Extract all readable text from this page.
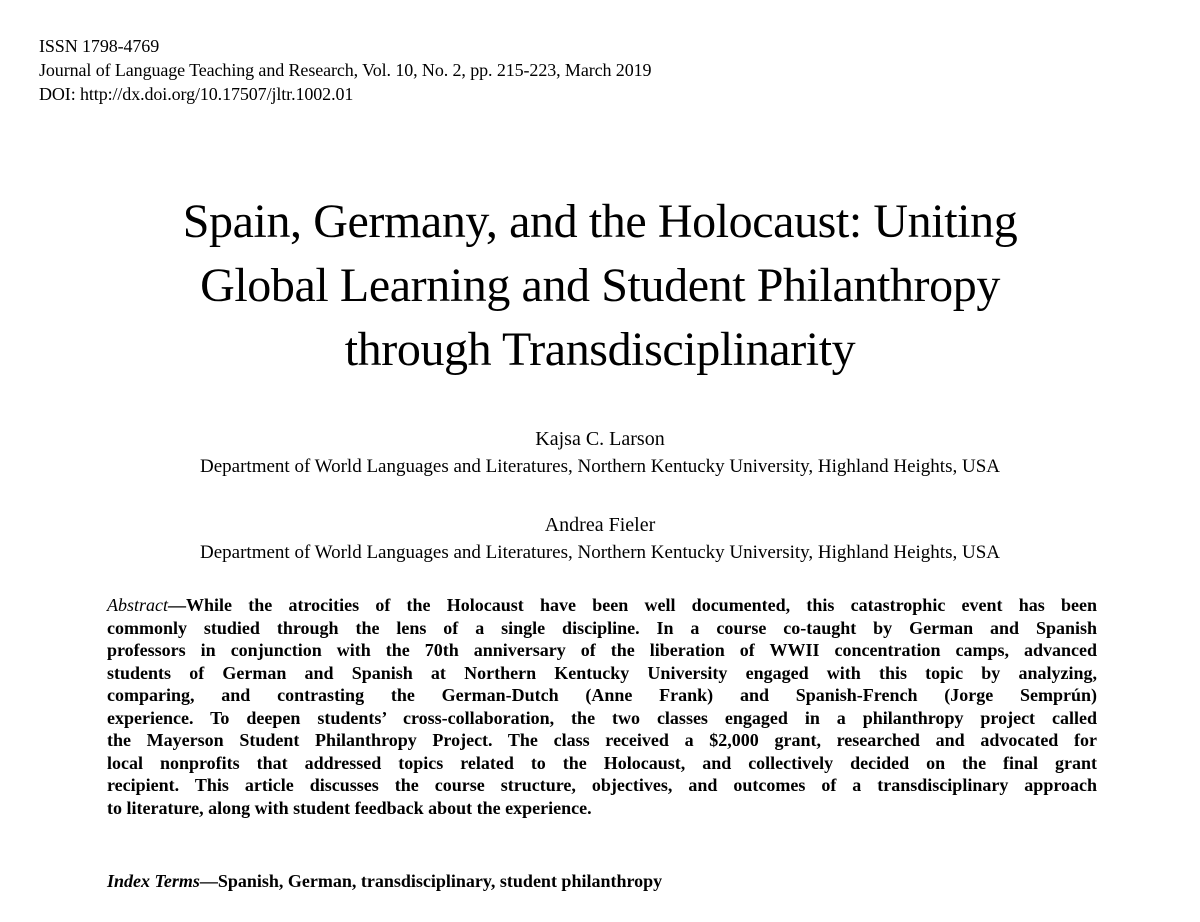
ISSN 1798-4769
Journal of Language Teaching and Research, Vol. 10, No. 2, pp. 215-223, March 2019
DOI: http://dx.doi.org/10.17507/jltr.1002.01
Spain, Germany, and the Holocaust: Uniting
Global Learning and Student Philanthropy
through Transdisciplinarity
Kajsa C. Larson
Department of World Languages and Literatures, Northern Kentucky University, Highland Heights, USA
Andrea Fieler
Department of World Languages and Literatures, Northern Kentucky University, Highland Heights, USA
Abstract—While the atrocities of the Holocaust have been well documented, this catastrophic event has been
commonly studied through the lens of a single discipline. In a course co-taught by German and Spanish
professors in conjunction with the 70th anniversary of the liberation of WWII concentration camps, advanced
students of German and Spanish at Northern Kentucky University engaged with this topic by analyzing,
comparing, and contrasting the German-Dutch (Anne Frank) and Spanish-French (Jorge Semprún)
experience. To deepen students’ cross-collaboration, the two classes engaged in a philanthropy project called
the Mayerson Student Philanthropy Project. The class received a $2,000 grant, researched and advocated for
local nonprofits that addressed topics related to the Holocaust, and collectively decided on the final grant
recipient. This article discusses the course structure, objectives, and outcomes of a transdisciplinary approach
to literature, along with student feedback about the experience.
Index Terms—Spanish, German, transdisciplinary, student philanthropy
